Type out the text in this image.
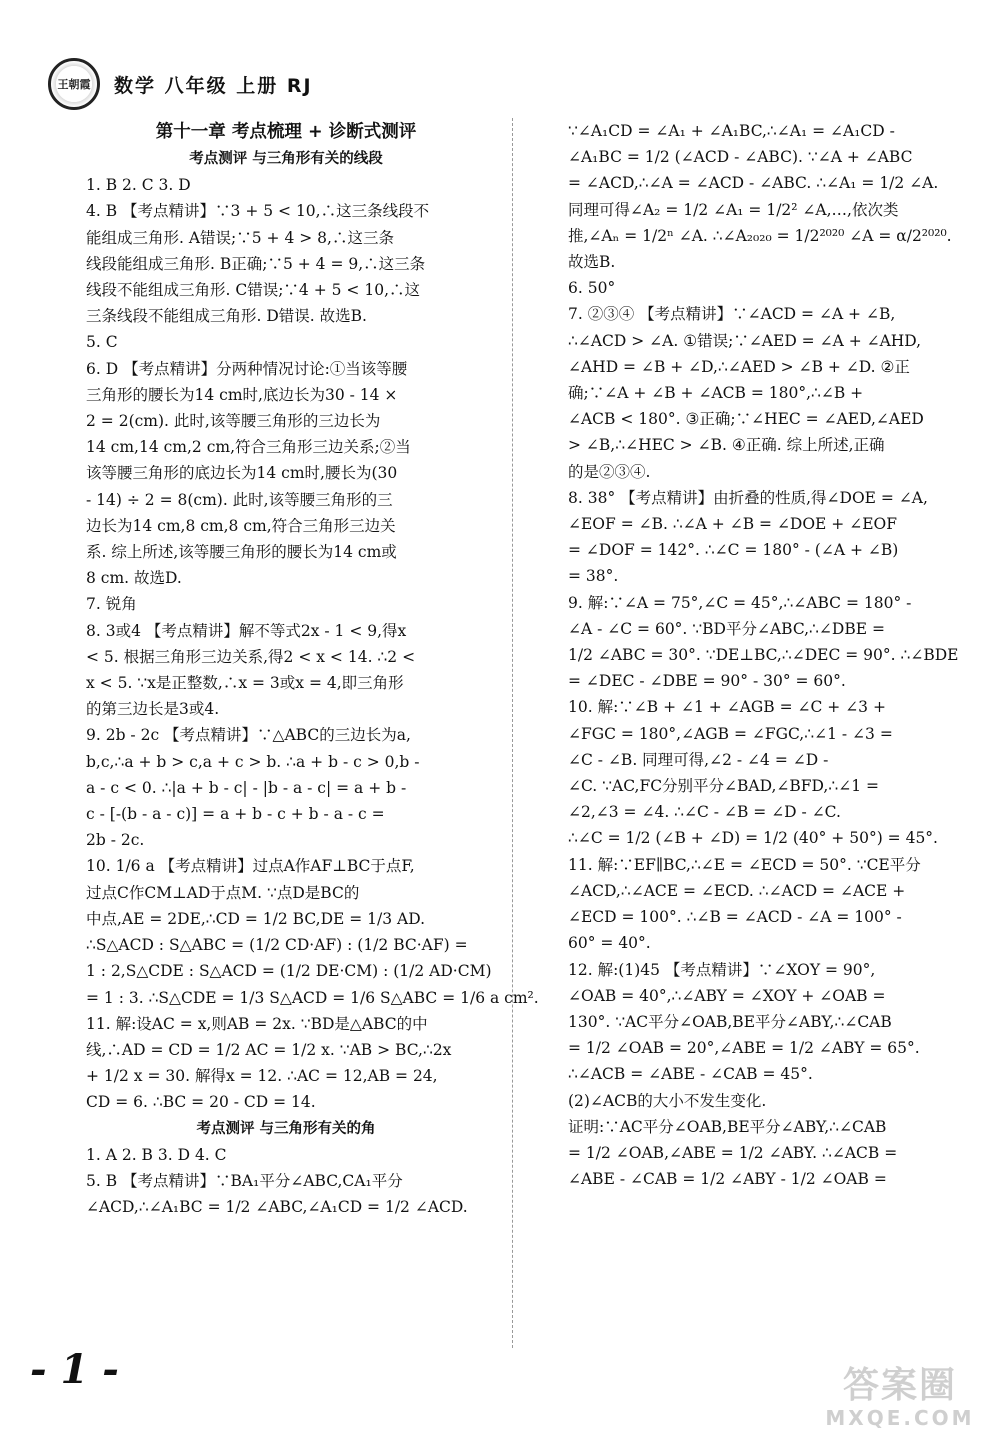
王朝霞	数学 八年级 上册 RJ
第十一章 考点梳理 + 诊断式测评
考点测评 与三角形有关的线段
1. B 2. C 3. D
4. B 【考点精讲】∵3 + 5 < 10,∴这三条线段不
能组成三角形. A错误;∵5 + 4 > 8,∴这三条
线段能组成三角形. B正确;∵5 + 4 = 9,∴这三条
线段不能组成三角形. C错误;∵4 + 5 < 10,∴这
三条线段不能组成三角形. D错误. 故选B.
5. C
6. D 【考点精讲】分两种情况讨论:①当该等腰
三角形的腰长为14 cm时,底边长为30 - 14 ×
2 = 2(cm). 此时,该等腰三角形的三边长为
14 cm,14 cm,2 cm,符合三角形三边关系;②当
该等腰三角形的底边长为14 cm时,腰长为(30
- 14) ÷ 2 = 8(cm). 此时,该等腰三角形的三
边长为14 cm,8 cm,8 cm,符合三角形三边关
系. 综上所述,该等腰三角形的腰长为14 cm或
8 cm. 故选D.
7. 锐角
8. 3或4 【考点精讲】解不等式2x - 1 < 9,得x
< 5. 根据三角形三边关系,得2 < x < 14. ∴2 <
x < 5. ∵x是正整数,∴x = 3或x = 4,即三角形
的第三边长是3或4.
9. 2b - 2c 【考点精讲】∵△ABC的三边长为a,
b,c,∴a + b > c,a + c > b. ∴a + b - c > 0,b -
a - c < 0. ∴|a + b - c| - |b - a - c| = a + b -
c - [-(b - a - c)] = a + b - c + b - a - c =
2b - 2c.
10. 1/6 a 【考点精讲】过点A作AF⊥BC于点F,
过点C作CM⊥AD于点M. ∵点D是BC的
中点,AE = 2DE,∴CD = 1/2 BC,DE = 1/3 AD.
∴S△ACD : S△ABC = (1/2 CD·AF) : (1/2 BC·AF) =
1 : 2,S△CDE : S△ACD = (1/2 DE·CM) : (1/2 AD·CM)
= 1 : 3. ∴S△CDE = 1/3 S△ACD = 1/6 S△ABC = 1/6 a cm².
11. 解:设AC = x,则AB = 2x. ∵BD是△ABC的中
线,∴AD = CD = 1/2 AC = 1/2 x. ∵AB > BC,∴2x
+ 1/2 x = 30. 解得x = 12. ∴AC = 12,AB = 24,
CD = 6. ∴BC = 20 - CD = 14.
考点测评 与三角形有关的角
1. A 2. B 3. D 4. C
5. B 【考点精讲】∵BA₁平分∠ABC,CA₁平分
∠ACD,∴∠A₁BC = 1/2 ∠ABC,∠A₁CD = 1/2 ∠ACD.
∵∠A₁CD = ∠A₁ + ∠A₁BC,∴∠A₁ = ∠A₁CD -
∠A₁BC = 1/2 (∠ACD - ∠ABC). ∵∠A + ∠ABC
= ∠ACD,∴∠A = ∠ACD - ∠ABC. ∴∠A₁ = 1/2 ∠A.
同理可得∠A₂ = 1/2 ∠A₁ = 1/2² ∠A,…,依次类
推,∠Aₙ = 1/2ⁿ ∠A. ∴∠A₂₀₂₀ = 1/2²⁰²⁰ ∠A = α/2²⁰²⁰.
故选B.
6. 50°
7. ②③④ 【考点精讲】∵∠ACD = ∠A + ∠B,
∴∠ACD > ∠A. ①错误;∵∠AED = ∠A + ∠AHD,
∠AHD = ∠B + ∠D,∴∠AED > ∠B + ∠D. ②正
确;∵∠A + ∠B + ∠ACB = 180°,∴∠B +
∠ACB < 180°. ③正确;∵∠HEC = ∠AED,∠AED
> ∠B,∴∠HEC > ∠B. ④正确. 综上所述,正确
的是②③④.
8. 38° 【考点精讲】由折叠的性质,得∠DOE = ∠A,
∠EOF = ∠B. ∴∠A + ∠B = ∠DOE + ∠EOF
= ∠DOF = 142°. ∴∠C = 180° - (∠A + ∠B)
= 38°.
9. 解:∵∠A = 75°,∠C = 45°,∴∠ABC = 180° -
∠A - ∠C = 60°. ∵BD平分∠ABC,∴∠DBE =
1/2 ∠ABC = 30°. ∵DE⊥BC,∴∠DEC = 90°. ∴∠BDE
= ∠DEC - ∠DBE = 90° - 30° = 60°.
10. 解:∵∠B + ∠1 + ∠AGB = ∠C + ∠3 +
∠FGC = 180°,∠AGB = ∠FGC,∴∠1 - ∠3 =
∠C - ∠B. 同理可得,∠2 - ∠4 = ∠D -
∠C. ∵AC,FC分别平分∠BAD,∠BFD,∴∠1 =
∠2,∠3 = ∠4. ∴∠C - ∠B = ∠D - ∠C.
∴∠C = 1/2 (∠B + ∠D) = 1/2 (40° + 50°) = 45°.
11. 解:∵EF∥BC,∴∠E = ∠ECD = 50°. ∵CE平分
∠ACD,∴∠ACE = ∠ECD. ∴∠ACD = ∠ACE +
∠ECD = 100°. ∴∠B = ∠ACD - ∠A = 100° -
60° = 40°.
12. 解:(1)45 【考点精讲】∵∠XOY = 90°,
∠OAB = 40°,∴∠ABY = ∠XOY + ∠OAB =
130°. ∵AC平分∠OAB,BE平分∠ABY,∴∠CAB
= 1/2 ∠OAB = 20°,∠ABE = 1/2 ∠ABY = 65°.
∴∠ACB = ∠ABE - ∠CAB = 45°.
(2)∠ACB的大小不发生变化.
证明:∵AC平分∠OAB,BE平分∠ABY,∴∠CAB
= 1/2 ∠OAB,∠ABE = 1/2 ∠ABY. ∴∠ACB =
∠ABE - ∠CAB = 1/2 ∠ABY - 1/2 ∠OAB =
- 1 -	答案圈
MXQE.COM
